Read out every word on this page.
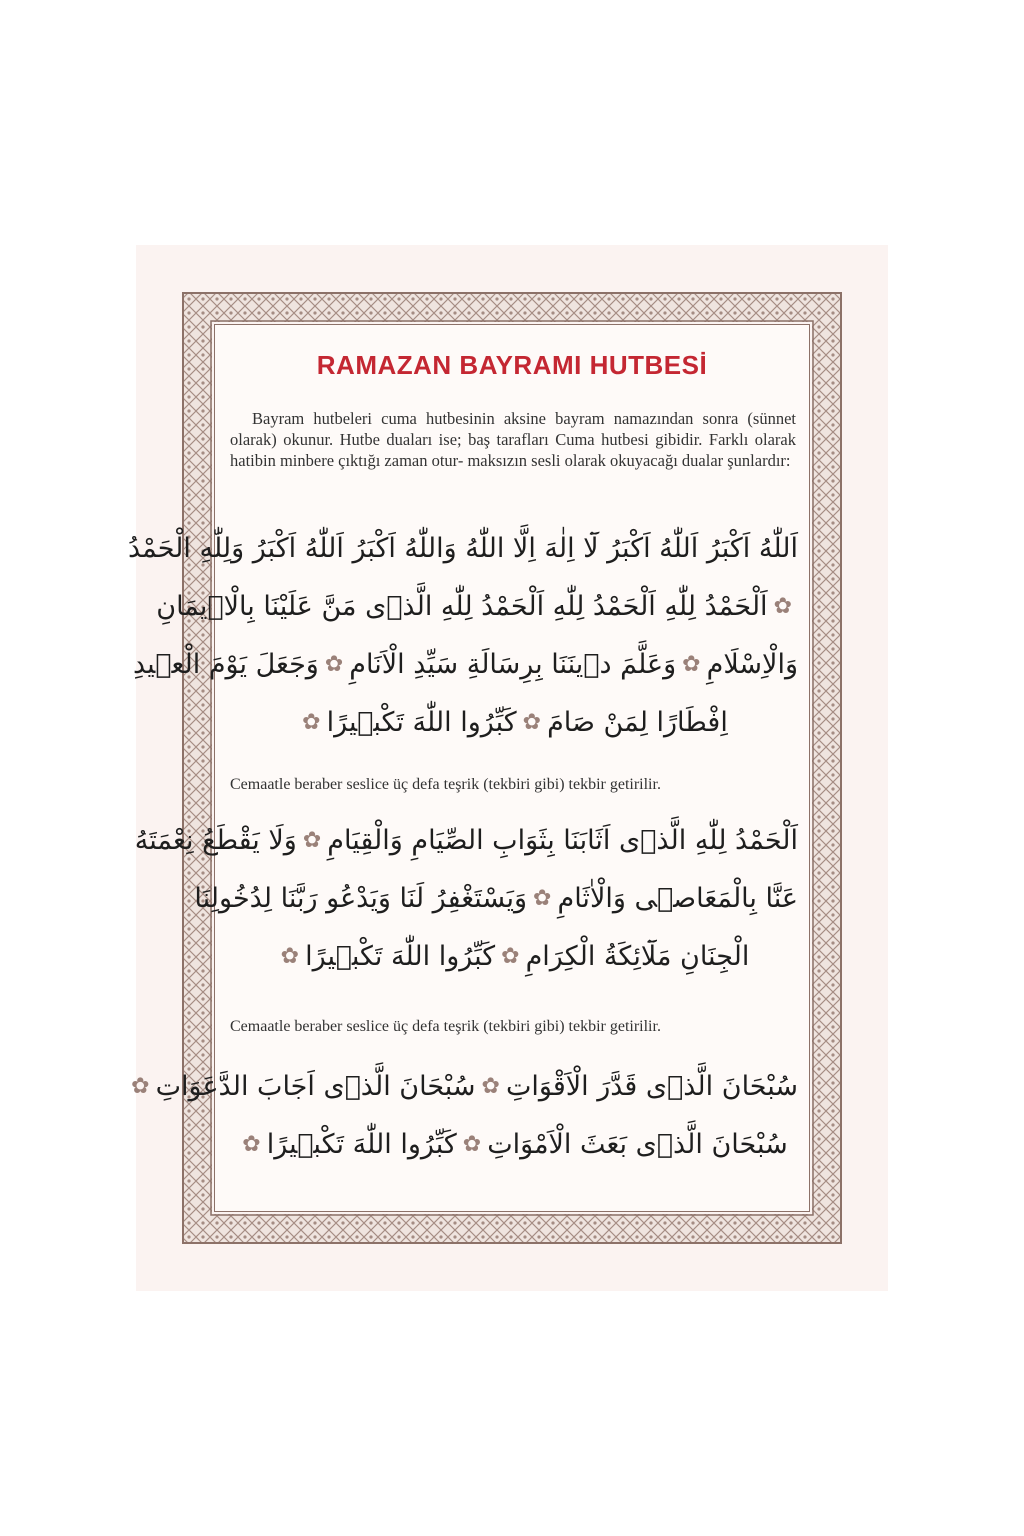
RAMAZAN BAYRAMI HUTBESİ
Bayram hutbeleri cuma hutbesinin aksine bayram namazından sonra (sünnet olarak) okunur. Hutbe duaları ise; baş tarafları Cuma hutbesi gibidir. Farklı olarak hatibin minbere çıktığı zaman otur- maksızın sesli olarak okuyacağı dualar şunlardır:
اَللّٰهُ اَكْبَرُ اَللّٰهُ اَكْبَرُ لَٓا اِلٰهَ اِلَّا اللّٰهُ وَاللّٰهُ اَكْبَرُ اَللّٰهُ اَكْبَرُ وَلِلّٰهِ الْحَمْدُ
✿اَلْحَمْدُ لِلّٰهِ اَلْحَمْدُ لِلّٰهِ اَلْحَمْدُ لِلّٰهِ الَّذٖى مَنَّ عَلَيْنَا بِالْاٖيمَانِ
وَالْاِسْلَامِ✿وَعَلَّمَ دٖينَنَا بِرِسَالَةِ سَيِّدِ الْاَنَامِ✿وَجَعَلَ يَوْمَ الْعٖيدِ
اِفْطَارًا لِمَنْ صَامَ✿كَبِّرُوا اللّٰهَ تَكْبٖيرًا✿
Cemaatle beraber seslice üç defa teşrik (tekbiri gibi) tekbir getirilir.
اَلْحَمْدُ لِلّٰهِ الَّذٖى اَثَابَنَا بِثَوَابِ الصِّيَامِ وَالْقِيَامِ✿وَلَا يَقْطَعُ نِعْمَتَهُ
عَنَّا بِالْمَعَاصٖى وَالْاٰثَامِ✿وَيَسْتَغْفِرُ لَنَا وَيَدْعُو رَبَّنَا لِدُخُولِنَا
الْجِنَانِ مَلَٓائِكَةُ الْكِرَامِ✿كَبِّرُوا اللّٰهَ تَكْبٖيرًا✿
Cemaatle beraber seslice üç defa teşrik (tekbiri gibi) tekbir getirilir.
سُبْحَانَ الَّذٖى قَدَّرَ الْاَقْوَاتِ✿سُبْحَانَ الَّذٖى اَجَابَ الدَّعَوَاتِ✿
سُبْحَانَ الَّذٖى بَعَثَ الْاَمْوَاتِ✿كَبِّرُوا اللّٰهَ تَكْبٖيرًا✿
